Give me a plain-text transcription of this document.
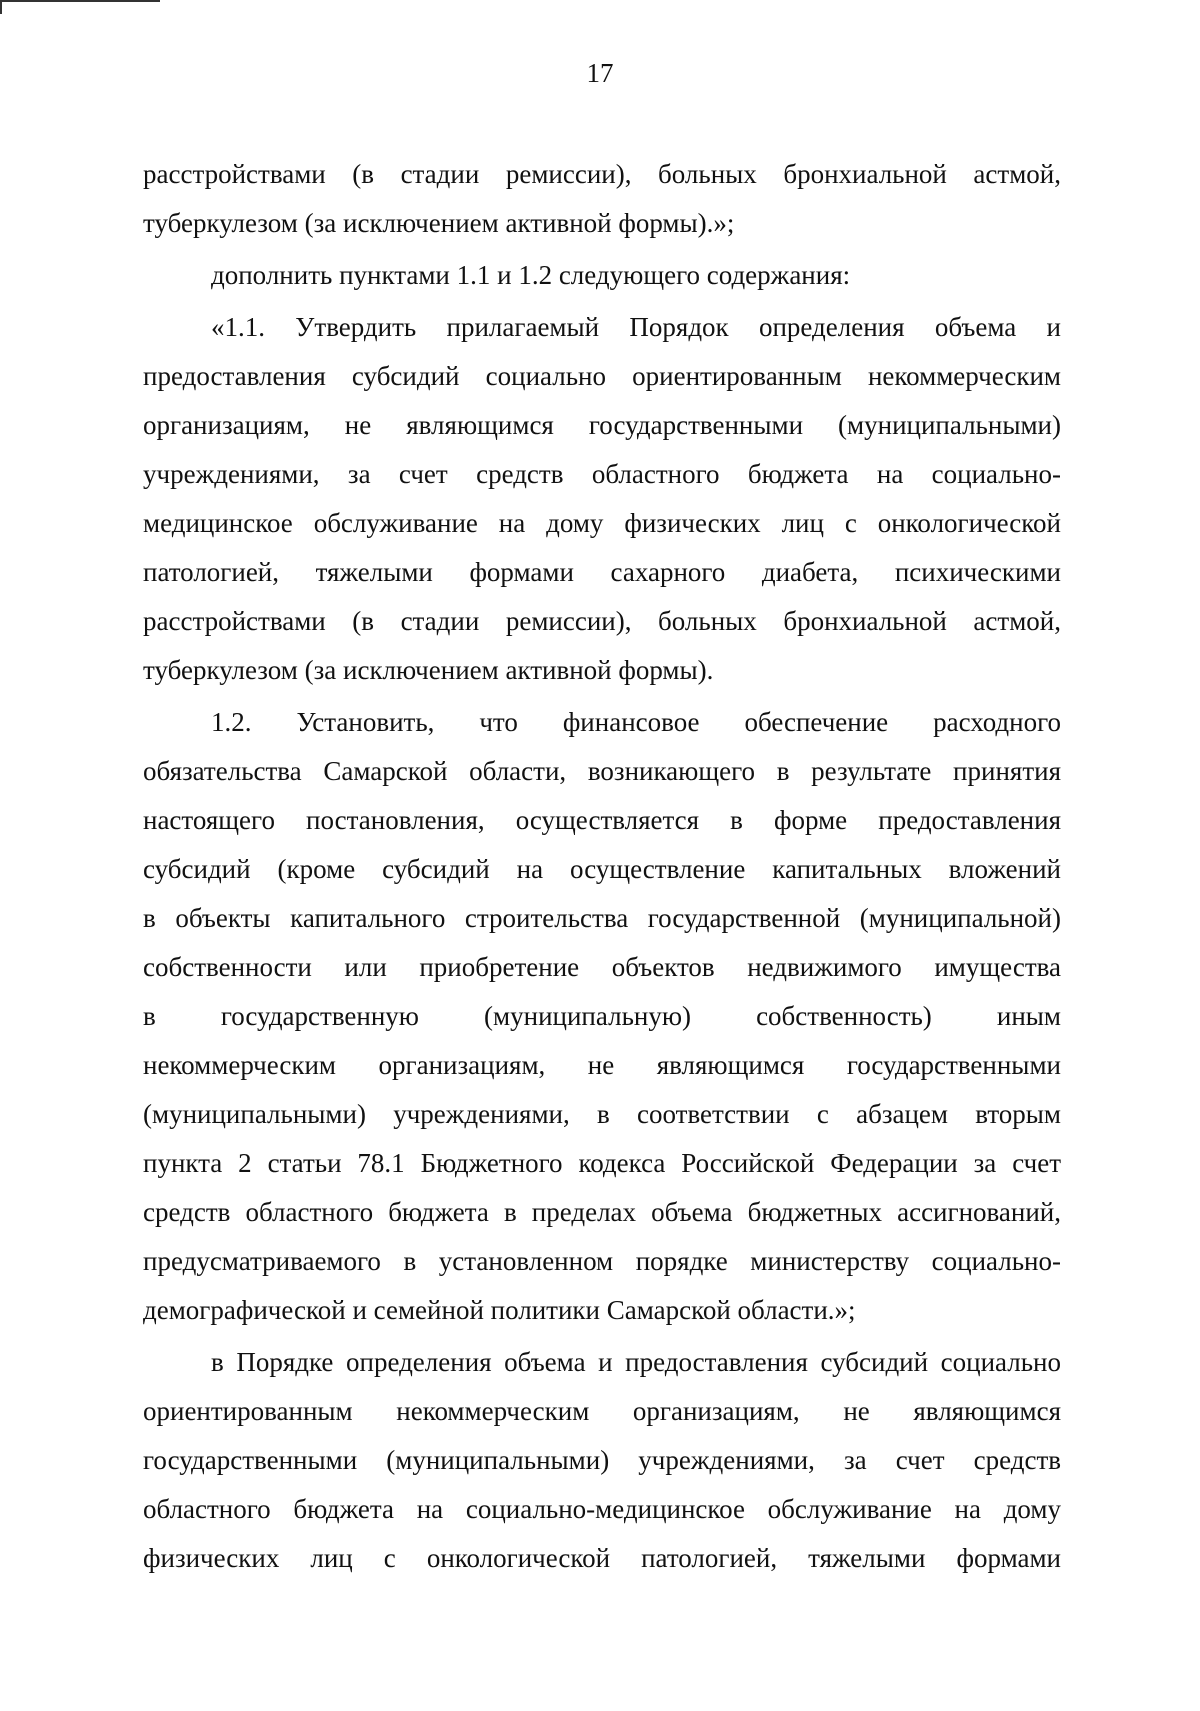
17
расстройствами (в стадии ремиссии), больных бронхиальной астмой,
туберкулезом (за исключением активной формы).»;
дополнить пунктами 1.1 и 1.2 следующего содержания:
«1.1. Утвердить прилагаемый Порядок определения объема и
предоставления субсидий социально ориентированным некоммерческим
организациям, не являющимся государственными (муниципальными)
учреждениями, за счет средств областного бюджета на социально-
медицинское обслуживание на дому физических лиц с онкологической
патологией, тяжелыми формами сахарного диабета, психическими
расстройствами (в стадии ремиссии), больных бронхиальной астмой,
туберкулезом (за исключением активной формы).
1.2. Установить, что финансовое обеспечение расходного
обязательства Самарской области, возникающего в результате принятия
настоящего постановления, осуществляется в форме предоставления
субсидий (кроме субсидий на осуществление капитальных вложений
в объекты капитального строительства государственной (муниципальной)
собственности или приобретение объектов недвижимого имущества
в государственную (муниципальную) собственность) иным
некоммерческим организациям, не являющимся государственными
(муниципальными) учреждениями, в соответствии с абзацем вторым
пункта 2 статьи 78.1 Бюджетного кодекса Российской Федерации за счет
средств областного бюджета в пределах объема бюджетных ассигнований,
предусматриваемого в установленном порядке министерству социально-
демографической и семейной политики Самарской области.»;
в Порядке определения объема и предоставления субсидий социально
ориентированным некоммерческим организациям, не являющимся
государственными (муниципальными) учреждениями, за счет средств
областного бюджета на социально-медицинское обслуживание на дому
физических лиц с онкологической патологией, тяжелыми формами
